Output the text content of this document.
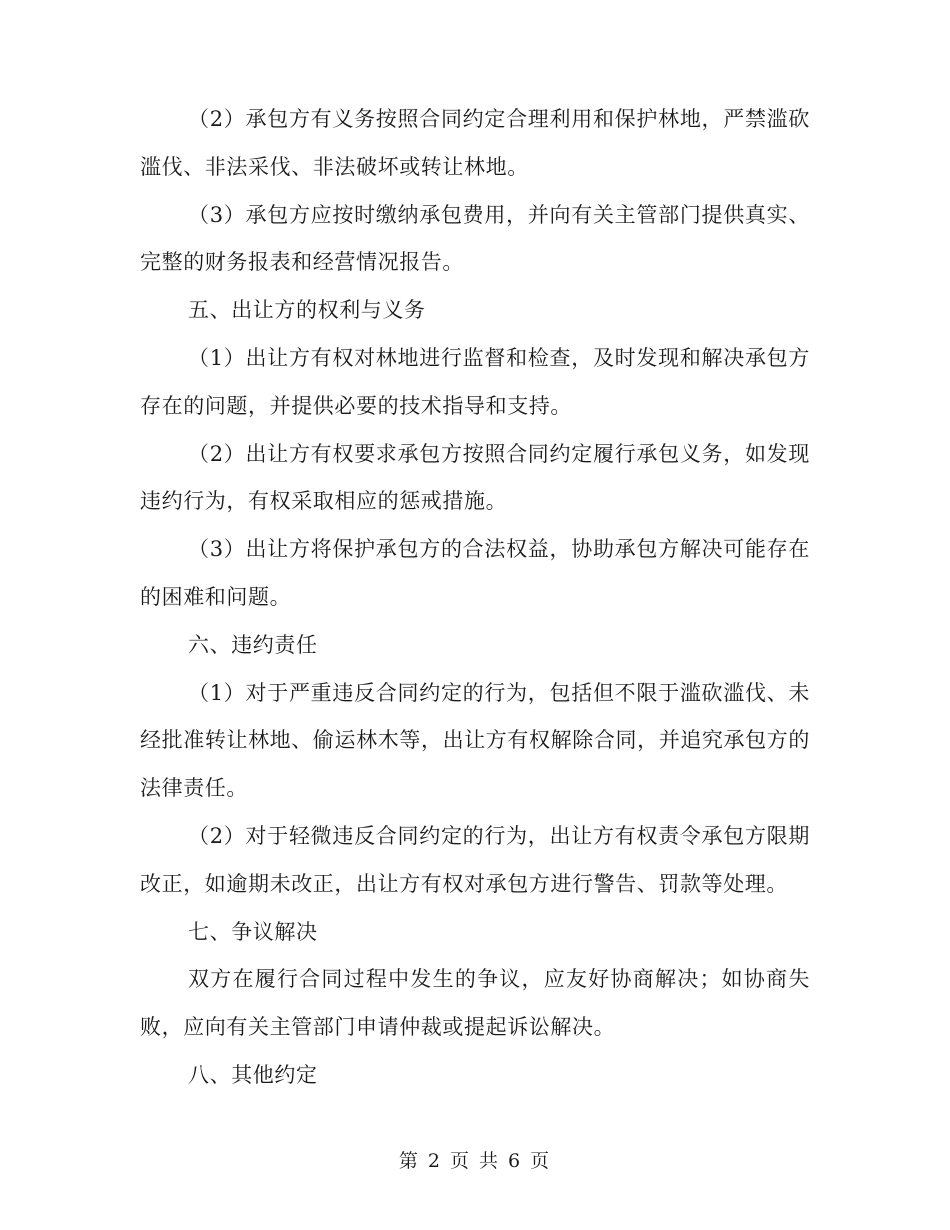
（2）承包方有义务按照合同约定合理利用和保护林地，严禁滥砍滥伐、非法采伐、非法破坏或转让林地。

（3）承包方应按时缴纳承包费用，并向有关主管部门提供真实、完整的财务报表和经营情况报告。

五、出让方的权利与义务

（1）出让方有权对林地进行监督和检查，及时发现和解决承包方存在的问题，并提供必要的技术指导和支持。

（2）出让方有权要求承包方按照合同约定履行承包义务，如发现违约行为，有权采取相应的惩戒措施。

（3）出让方将保护承包方的合法权益，协助承包方解决可能存在的困难和问题。

六、违约责任

（1）对于严重违反合同约定的行为，包括但不限于滥砍滥伐、未经批准转让林地、偷运林木等，出让方有权解除合同，并追究承包方的法律责任。

（2）对于轻微违反合同约定的行为，出让方有权责令承包方限期改正，如逾期未改正，出让方有权对承包方进行警告、罚款等处理。

七、争议解决

双方在履行合同过程中发生的争议，应友好协商解决；如协商失败，应向有关主管部门申请仲裁或提起诉讼解决。

八、其他约定

第 2 页 共 6 页
